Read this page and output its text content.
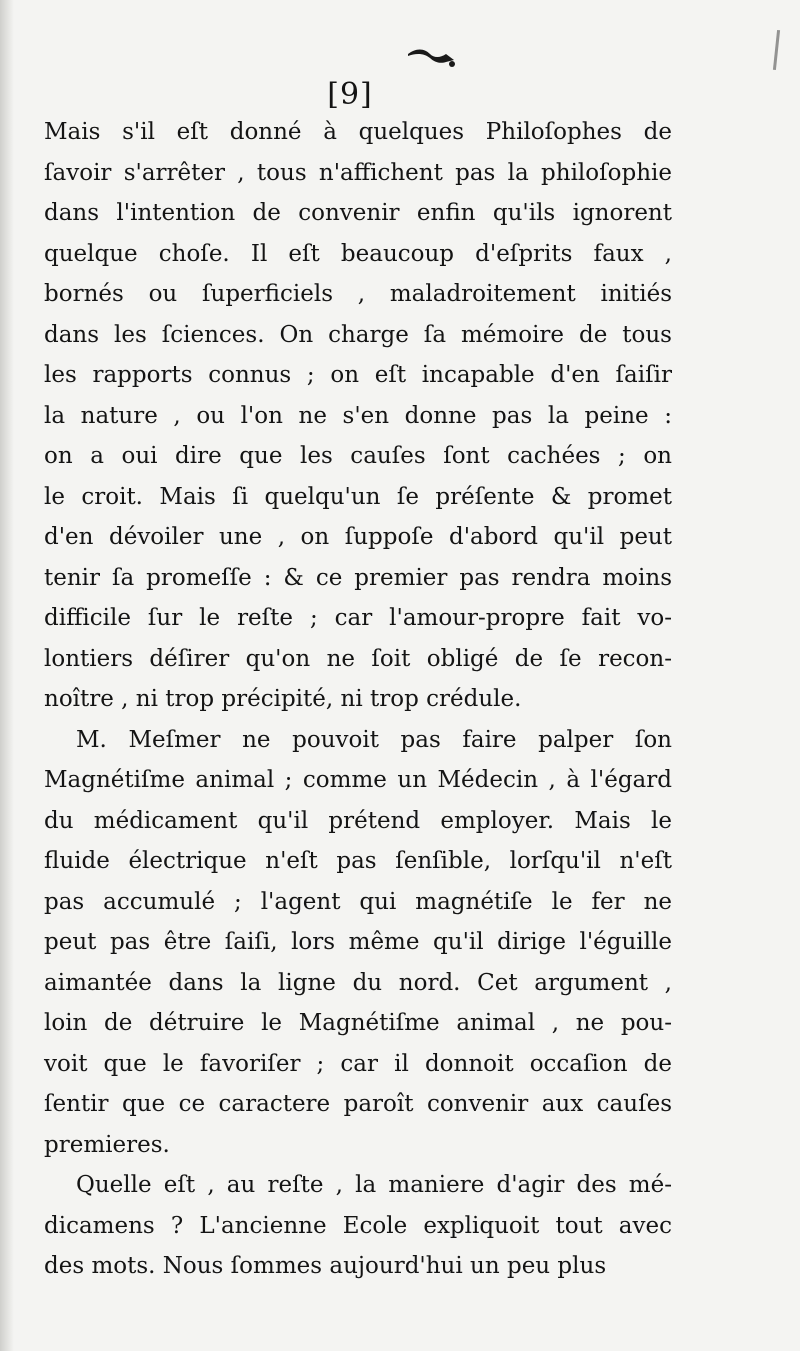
[9]
Mais s'il eſt donné à quelques Philoſophes de
ſavoir s'arrêter , tous n'affichent pas la philoſophie
dans l'intention de convenir enfin qu'ils ignorent
quelque choſe. Il eſt beaucoup d'eſprits faux ,
bornés ou ſuperficiels , maladroitement initiés
dans les ſciences. On charge ſa mémoire de tous
les rapports connus ; on eſt incapable d'en ſaiſir
la nature , ou l'on ne s'en donne pas la peine :
on a oui dire que les cauſes ſont cachées ; on
le croit. Mais ſi quelqu'un ſe préſente & promet
d'en dévoiler une , on ſuppoſe d'abord qu'il peut
tenir ſa promeſſe : & ce premier pas rendra moins
difficile ſur le reſte ; car l'amour-propre fait vo-
lontiers déſirer qu'on ne ſoit obligé de ſe recon-
noître , ni trop précipité, ni trop crédule.
M. Meſmer ne pouvoit pas faire palper ſon
Magnétiſme animal ; comme un Médecin , à l'égard
du médicament qu'il prétend employer. Mais le
fluide électrique n'eſt pas ſenſible, lorſqu'il n'eſt
pas accumulé ; l'agent qui magnétiſe le fer ne
peut pas être ſaiſi, lors même qu'il dirige l'éguille
aimantée dans la ligne du nord. Cet argument ,
loin de détruire le Magnétiſme animal , ne pou-
voit que le favoriſer ; car il donnoit occaſion de
ſentir que ce caractere paroît convenir aux cauſes
premieres.
Quelle eſt , au reſte , la maniere d'agir des mé-
dicamens ? L'ancienne Ecole expliquoit tout avec
des mots. Nous ſommes aujourd'hui un peu plus
